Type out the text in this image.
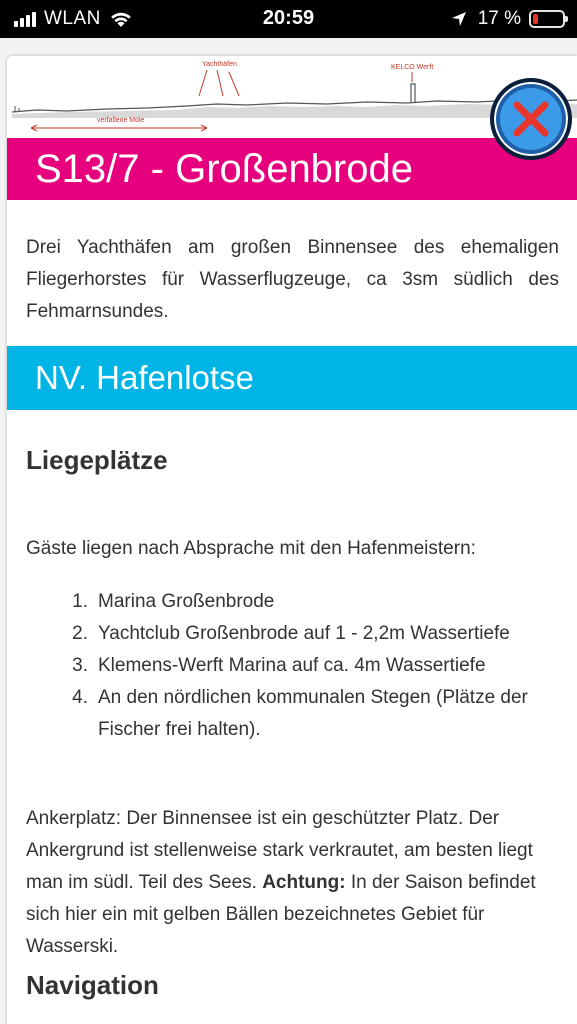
WLAN	20:59	17 %
Yachthäfen	KELCO Werft
verfallene Mole
S13/7 - Großenbrode

Drei Yachthäfen am großen Binnensee des ehemaligen Fliegerhorstes für Wasserflugzeuge, ca 3sm südlich des Fehmarnsundes.

NV. Hafenlotse
Liegeplätze

Gäste liegen nach Absprache mit den Hafenmeistern:

1. Marina Großenbrode
2. Yachtclub Großenbrode auf 1 - 2,2m Wassertiefe
3. Klemens-Werft Marina auf ca. 4m Wassertiefe
4. An den nördlichen kommunalen Stegen (Plätze der Fischer frei halten).

Ankerplatz: Der Binnensee ist ein geschützter Platz. Der Ankergrund ist stellenweise stark verkrautet, am besten liegt man im südl. Teil des Sees. Achtung: In der Saison befindet sich hier ein mit gelben Bällen bezeichnetes Gebiet für Wasserski.

Navigation
